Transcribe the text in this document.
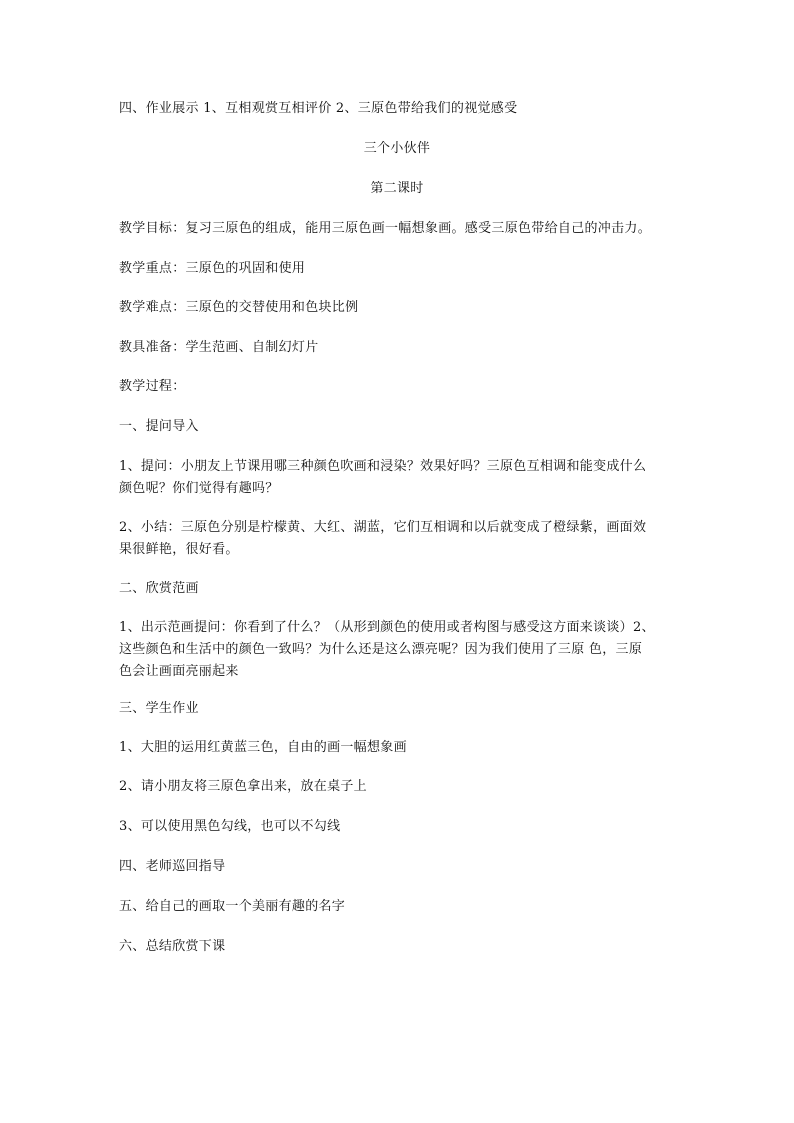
四、作业展示 1、互相观赏互相评价 2、三原色带给我们的视觉感受
三个小伙伴
第二课时
教学目标：复习三原色的组成，能用三原色画一幅想象画。感受三原色带给自己的冲击力。
教学重点：三原色的巩固和使用
教学难点：三原色的交替使用和色块比例
教具准备：学生范画、自制幻灯片
教学过程：
一、提问导入
1、提问：小朋友上节课用哪三种颜色吹画和浸染？效果好吗？三原色互相调和能变成什么
颜色呢？你们觉得有趣吗？
2、小结：三原色分别是柠檬黄、大红、湖蓝，它们互相调和以后就变成了橙绿紫，画面效
果很鲜艳，很好看。
二、欣赏范画
1、出示范画提问：你看到了什么？（从形到颜色的使用或者构图与感受这方面来谈谈）2、
这些颜色和生活中的颜色一致吗？为什么还是这么漂亮呢？因为我们使用了三原 色，三原
色会让画面亮丽起来
三、学生作业
1、大胆的运用红黄蓝三色，自由的画一幅想象画
2、请小朋友将三原色拿出来，放在桌子上
3、可以使用黑色勾线，也可以不勾线
四、老师巡回指导
五、给自己的画取一个美丽有趣的名字
六、总结欣赏下课
